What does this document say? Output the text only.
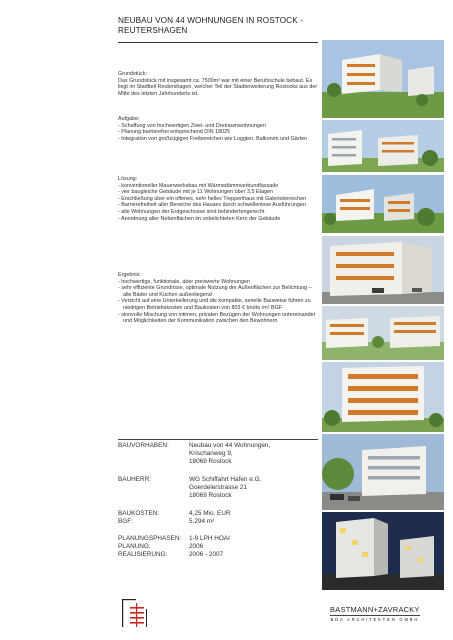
NEUBAU VON 44 WOHNUNGEN IN ROSTOCK - REUTERSHAGEN

Grundstück:

Das Grundstück mit insgesamt ca. 7500m² war mit einer Berufsschule bebaut. Es liegt im Stadtteil Reutershagen, welcher Teil der Stadterweiterung Rostocks aus der Mitte des letzten Jahrhunderts ist.

Aufgabe:

- Schaffung von hochwertigen Zwei- und Dreiraumwohnungen
- Planung barrierefrei entsprechend DIN 18025
- Integration von großzügigen Freibereichen wie Loggien, Balkonen und Gärten

Lösung:

- konventioneller Mauerwerksbau mit Wärmedämmverbundfassade
- vier baugleiche Gebäude mit je 11 Wohnungen über 3,5 Etagen
- Erschließung über ein offenes, sehr helles Treppenhaus mit Galeriebereichen
- Barrierefreiheit aller Bereiche des Hauses durch schwellenlose Ausführungen
- alle Wohnungen der Erdgeschosse sind behindertengerecht
- Anordnung aller Nebenflächen im unbelichteten Kern der Gebäude

Ergebnis:

- hochwertige, funktionale, aber preiswerte Wohnungen
- sehr effiziente Grundrisse, optimale Nutzung der Außenflächen zur Belichtung – alle Bäder und Küchen außenliegend
- Verzicht auf eine Unterkellerung und die kompakte, serielle Bauweise führen zu niedrigen Betriebskosten und Baukosten von 803 € brutto /m² BGF
- sinnvolle Mischung von intimen, privaten Bezügen der Wohnungen untereinander und Möglichkeiten der Kommunikation zwischen den Bewohnern
BAUVORHABEN:	Neubau von 44 Wohnungen,
Krischanweg 9,
18069 Rostock
BAUHERR:	WG Schiffahrt Hafen e.G.
Goerdelerstrasse 21
18069 Rostock
BAUKOSTEN:	4,25 Mio. EUR
BGF:	5.294 m²
PLANUNGSPHASEN: 1-9 LPH HOAI
PLANUNG:	2006
REALISIERUNG:	2006 - 2007
BASTMANN+ZAVRACKY
BDA ARCHITEKTEN GMBH
